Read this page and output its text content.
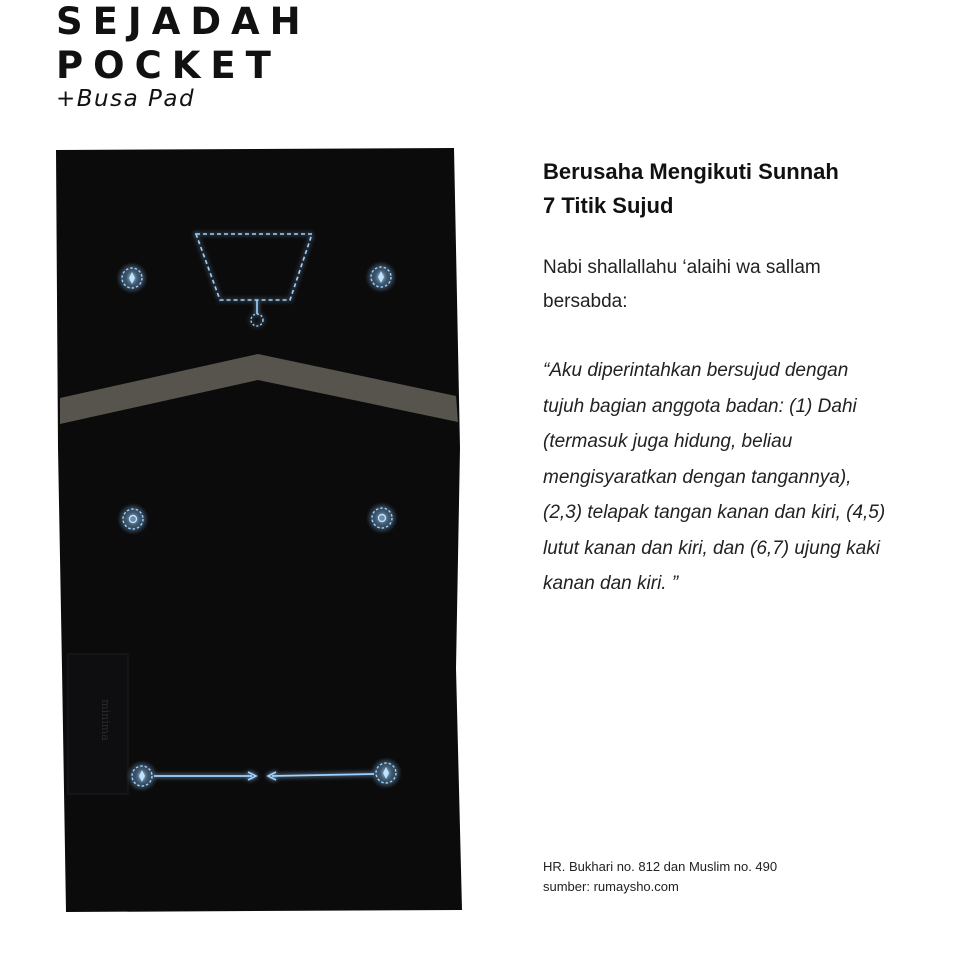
SEJADAH
POCKET
+Busa Pad
minima
Berusaha Mengikuti Sunnah
7 Titik Sujud

Nabi shallallahu ‘alaihi wa sallam
bersabda:

“Aku diperintahkan bersujud dengan
tujuh bagian anggota badan: (1) Dahi
(termasuk juga hidung, beliau
mengisyaratkan dengan tangannya),
(2,3) telapak tangan kanan dan kiri, (4,5)
lutut kanan dan kiri, dan (6,7) ujung kaki
kanan dan kiri. ”

HR. Bukhari no. 812 dan Muslim no. 490
sumber: rumaysho.com
